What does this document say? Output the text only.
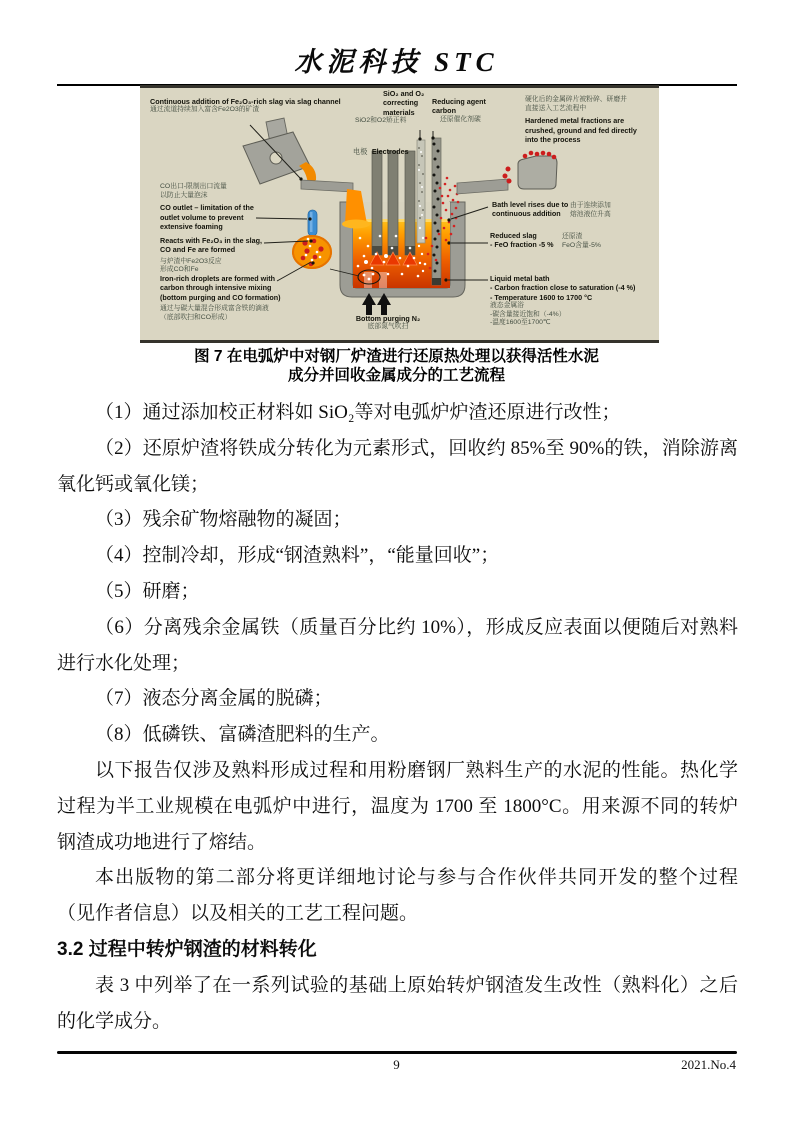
水泥科技 STC
Continuous addition of Fe₂O₃-rich slag via slag channel
通过流道持续加入富含Fe2O3的矿渣
SiO₂ and O₂
correcting
materials
SiO2和O2矫正料
Reducing agent
carbon
还原催化剂碳
硬化后的金属碎片被粉碎、研磨并
直接送入工艺流程中
Hardened metal fractions are
crushed, ground and fed directly
into the process
电极 Electrodes
CO出口-限制出口流量
以防止大量泡沫
CO outlet – limitation of the
outlet volume to prevent
extensive foaming
Reacts with Fe₂O₃ in the slag,
CO and Fe are formed
与炉渣中Fe2O3反应
形成CO和Fe
Iron-rich droplets are formed with
carbon through intensive mixing
(bottom purging and CO formation)
通过与碳大量混合形成富含铁的滴液
（底部吹扫和CO形成）
Bath level rises due to
continuous addition
由于连续添加
熔池液位升高
Reduced slag
- FeO fraction -5 %
还原渣
FeO含量-5%
Liquid metal bath
- Carbon fraction close to saturation (-4 %)
- Temperature 1600 to 1700 °C
液态金属浴
-碳含量接近饱和（-4%）
-温度1600至1700℃
Bottom purging N₂
底部氮气吹扫
图 7 在电弧炉中对钢厂炉渣进行还原热处理以获得活性水泥
成分并回收金属成分的工艺流程
（1）通过添加校正材料如 SiO₂等对电弧炉炉渣还原进行改性；
（2）还原炉渣将铁成分转化为元素形式，回收约 85%至 90%的铁，消除游离
氧化钙或氧化镁；
（3）残余矿物熔融物的凝固；
（4）控制冷却，形成“钢渣熟料”，“能量回收”；
（5）研磨；
（6）分离残余金属铁（质量百分比约 10%），形成反应表面以便随后对熟料
进行水化处理；
（7）液态分离金属的脱磷；
（8）低磷铁、富磷渣肥料的生产。
以下报告仅涉及熟料形成过程和用粉磨钢厂熟料生产的水泥的性能。热化学
过程为半工业规模在电弧炉中进行，温度为 1700 至 1800°C。用来源不同的转炉
钢渣成功地进行了熔结。
本出版物的第二部分将更详细地讨论与参与合作伙伴共同开发的整个过程
（见作者信息）以及相关的工艺工程问题。
3.2 过程中转炉钢渣的材料转化
表 3 中列举了在一系列试验的基础上原始转炉钢渣发生改性（熟料化）之后
的化学成分。
9	2021.No.4
